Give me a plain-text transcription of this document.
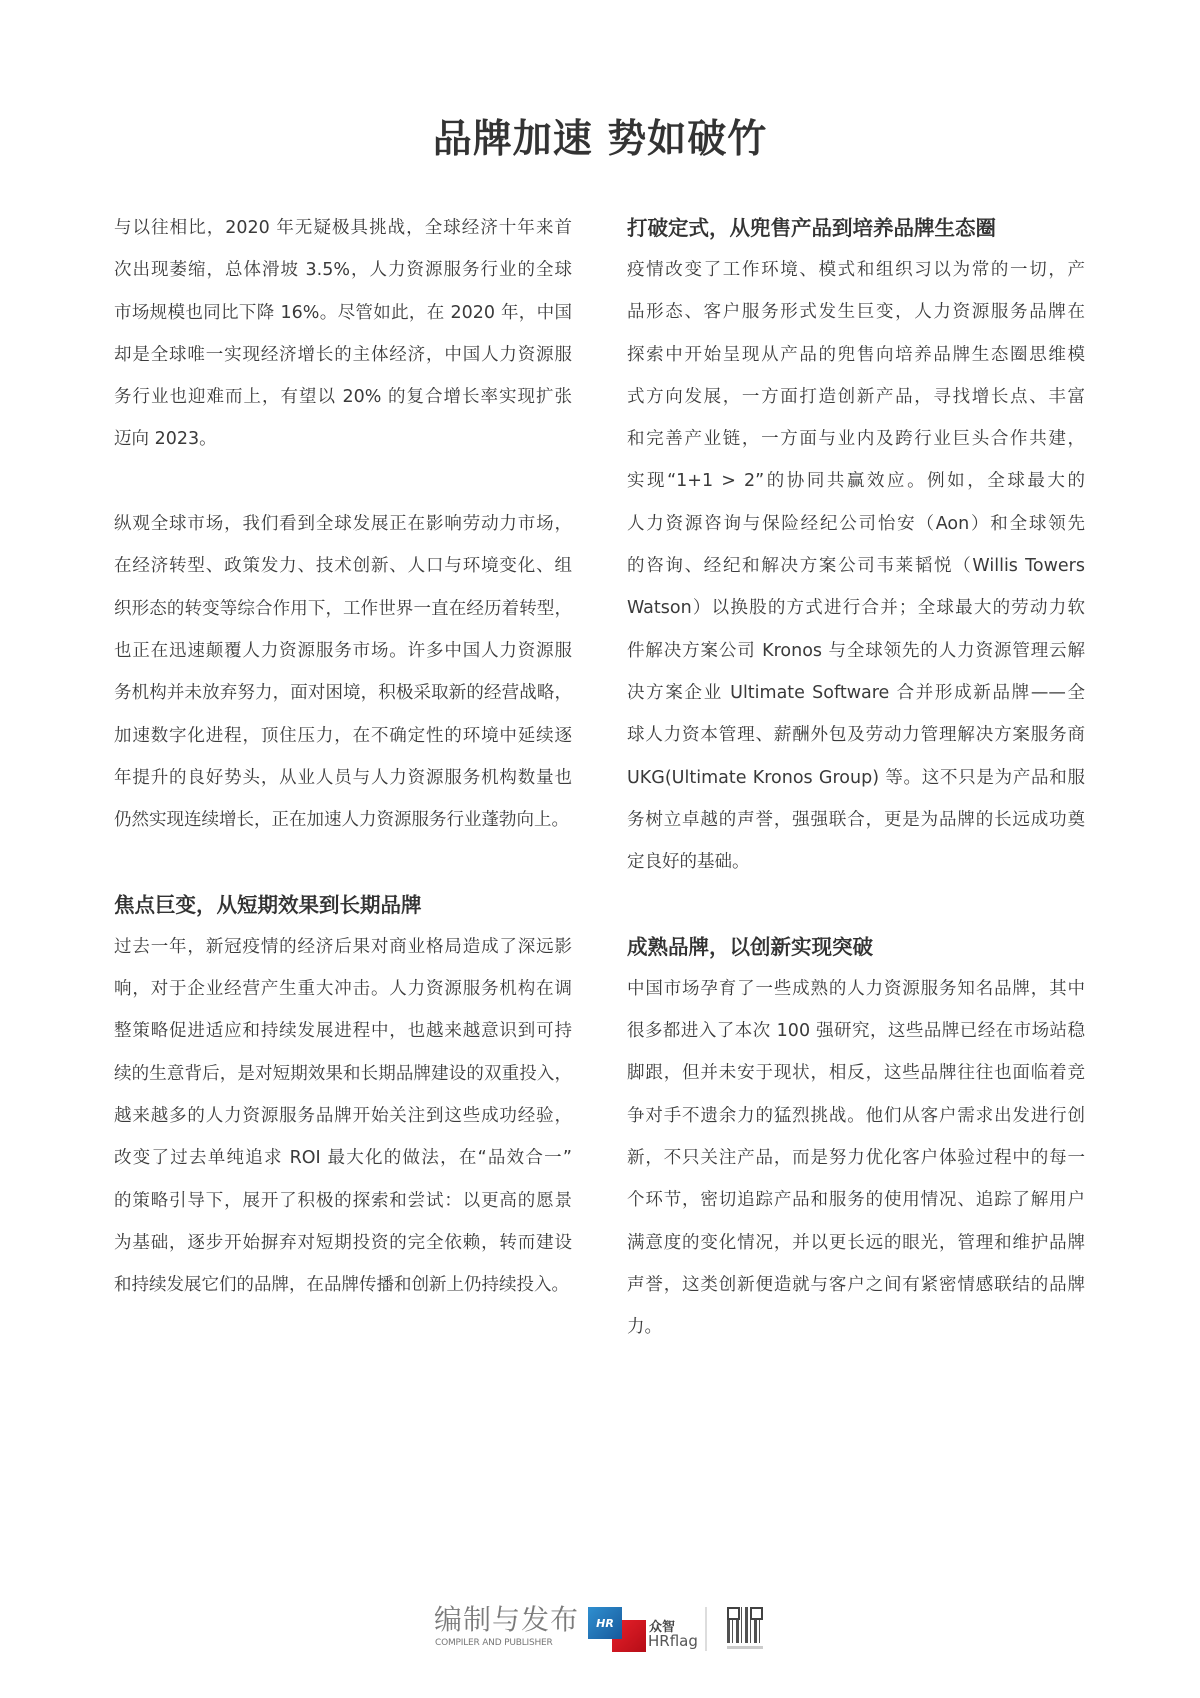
品牌加速 势如破竹
与以往相比，2020 年无疑极具挑战，全球经济十年来首
次出现萎缩，总体滑坡 3.5%，人力资源服务行业的全球
市场规模也同比下降 16%。尽管如此，在 2020 年，中国
却是全球唯一实现经济增长的主体经济，中国人力资源服
务行业也迎难而上，有望以 20% 的复合增长率实现扩张
迈向 2023。
纵观全球市场，我们看到全球发展正在影响劳动力市场，
在经济转型、政策发力、技术创新、人口与环境变化、组
织形态的转变等综合作用下，工作世界一直在经历着转型，
也正在迅速颠覆人力资源服务市场。许多中国人力资源服
务机构并未放弃努力，面对困境，积极采取新的经营战略，
加速数字化进程，顶住压力，在不确定性的环境中延续逐
年提升的良好势头，从业人员与人力资源服务机构数量也
仍然实现连续增长，正在加速人力资源服务行业蓬勃向上。
焦点巨变，从短期效果到长期品牌
过去一年，新冠疫情的经济后果对商业格局造成了深远影
响，对于企业经营产生重大冲击。人力资源服务机构在调
整策略促进适应和持续发展进程中，也越来越意识到可持
续的生意背后，是对短期效果和长期品牌建设的双重投入，
越来越多的人力资源服务品牌开始关注到这些成功经验，
改变了过去单纯追求 ROI 最大化的做法，在“品效合一”
的策略引导下，展开了积极的探索和尝试：以更高的愿景
为基础，逐步开始摒弃对短期投资的完全依赖，转而建设
和持续发展它们的品牌，在品牌传播和创新上仍持续投入。
打破定式，从兜售产品到培养品牌生态圈
疫情改变了工作环境、模式和组织习以为常的一切，产
品形态、客户服务形式发生巨变，人力资源服务品牌在
探索中开始呈现从产品的兜售向培养品牌生态圈思维模
式方向发展，一方面打造创新产品，寻找增长点、丰富
和完善产业链，一方面与业内及跨行业巨头合作共建，
实现“1+1 > 2”的协同共赢效应。例如，全球最大的
人力资源咨询与保险经纪公司怡安（Aon）和全球领先
的咨询、经纪和解决方案公司韦莱韬悦（Willis Towers
Watson）以换股的方式进行合并；全球最大的劳动力软
件解决方案公司 Kronos 与全球领先的人力资源管理云解
决方案企业 Ultimate Software 合并形成新品牌——全
球人力资本管理、薪酬外包及劳动力管理解决方案服务商
UKG(Ultimate Kronos Group) 等。这不只是为产品和服
务树立卓越的声誉，强强联合，更是为品牌的长远成功奠
定良好的基础。
成熟品牌，以创新实现突破
中国市场孕育了一些成熟的人力资源服务知名品牌，其中
很多都进入了本次 100 强研究，这些品牌已经在市场站稳
脚跟，但并未安于现状，相反，这些品牌往往也面临着竞
争对手不遗余力的猛烈挑战。他们从客户需求出发进行创
新，不只关注产品，而是努力优化客户体验过程中的每一
个环节，密切追踪产品和服务的使用情况、追踪了解用户
满意度的变化情况，并以更长远的眼光，管理和维护品牌
声誉，这类创新便造就与客户之间有紧密情感联结的品牌
力。
编制与发布
COMPILER AND PUBLISHER
HR	众智
HRflag
